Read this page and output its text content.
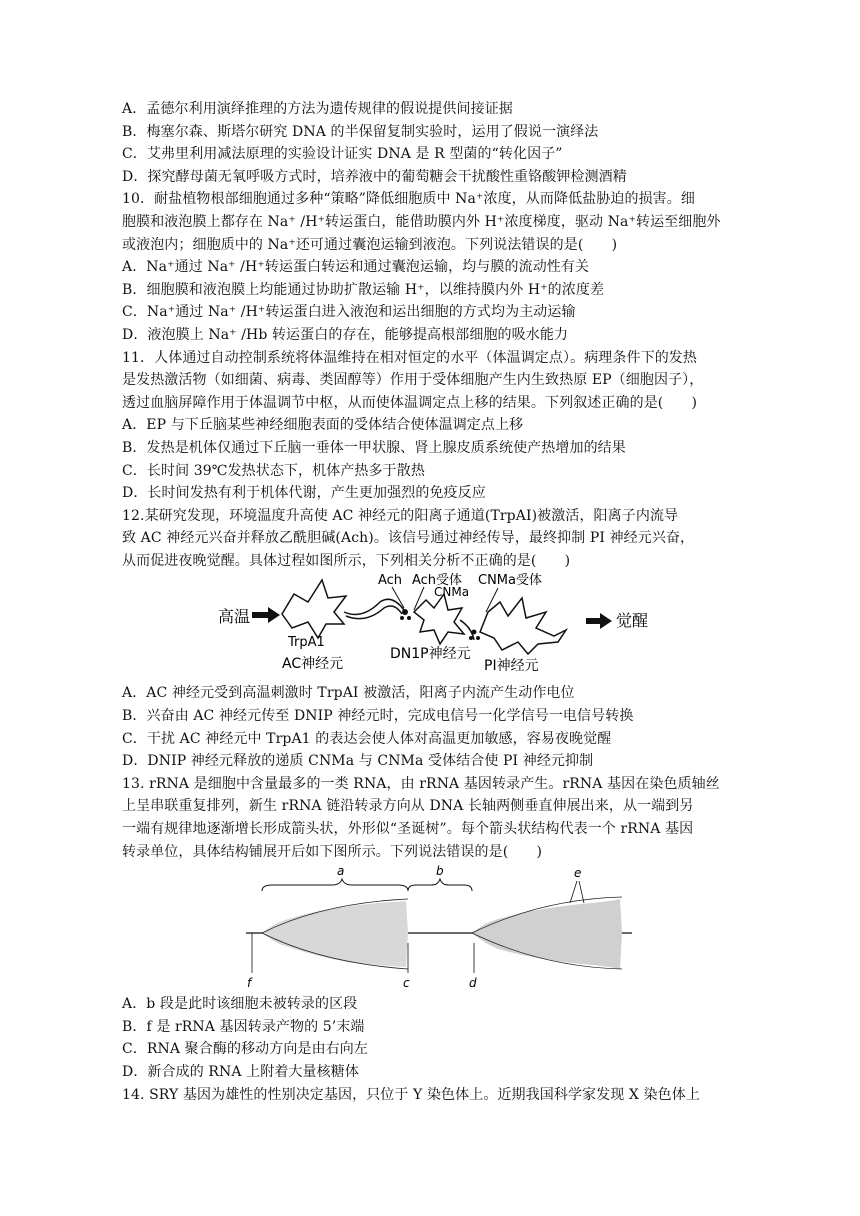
A．孟德尔利用演绎推理的方法为遗传规律的假说提供间接证据
B．梅塞尔森、斯塔尔研究 DNA 的半保留复制实验时，运用了假说一演绎法
C．艾弗里利用减法原理的实验设计证实 DNA 是 R 型菌的“转化因子”
D．探究酵母菌无氧呼吸方式时，培养液中的葡萄糖会干扰酸性重铬酸钾检测酒精
10．耐盐植物根部细胞通过多种“策略”降低细胞质中 Na⁺浓度，从而降低盐胁迫的损害。细
胞膜和液泡膜上都存在 Na⁺ /H⁺转运蛋白，能借助膜内外 H⁺浓度梯度，驱动 Na⁺转运至细胞外
或液泡内；细胞质中的 Na⁺还可通过囊泡运输到液泡。下列说法错误的是(　　)
A．Na⁺通过 Na⁺ /H⁺转运蛋白转运和通过囊泡运输，均与膜的流动性有关
B．细胞膜和液泡膜上均能通过协助扩散运输 H⁺，以维持膜内外 H⁺的浓度差
C．Na⁺通过 Na⁺ /H⁺转运蛋白进入液泡和运出细胞的方式均为主动运输
D．液泡膜上 Na⁺ /Hb 转运蛋白的存在，能够提高根部细胞的吸水能力
11．人体通过自动控制系统将体温维持在相对恒定的水平（体温调定点）。病理条件下的发热
是发热激活物（如细菌、病毒、类固醇等）作用于受体细胞产生内生致热原 EP（细胞因子），
透过血脑屏障作用于体温调节中枢，从而使体温调定点上移的结果。下列叙述正确的是(　　)
A．EP 与下丘脑某些神经细胞表面的受体结合使体温调定点上移
B．发热是机体仅通过下丘脑一垂体一甲状腺、肾上腺皮质系统使产热增加的结果
C．长时间 39℃发热状态下，机体产热多于散热
D．长时间发热有利于机体代谢，产生更加强烈的免疫反应
12.某研究发现，环境温度升高使 AC 神经元的阳离子通道(TrpAI)被激活，阳离子内流导
致 AC 神经元兴奋并释放乙酰胆碱(Ach)。该信号通过神经传导，最终抑制 PI 神经元兴奋，
从而促进夜晚觉醒。具体过程如图所示，下列相关分析不正确的是(　　)
高温
TrpA1
AC神经元
Ach Ach受体
CNMa
DN1P神经元
CNMa受体
PI神经元
觉醒
A．AC 神经元受到高温刺激时 TrpAI 被激活，阳离子内流产生动作电位
B．兴奋由 AC 神经元传至 DNIP 神经元时，完成电信号一化学信号一电信号转换
C．干扰 AC 神经元中 TrpA1 的表达会使人体对高温更加敏感，容易夜晚觉醒
D．DNIP 神经元释放的递质 CNMa 与 CNMa 受体结合使 PI 神经元抑制
13. rRNA 是细胞中含量最多的一类 RNA，由 rRNA 基因转录产生。rRNA 基因在染色质轴丝
上呈串联重复排列，新生 rRNA 链沿转录方向从 DNA 长轴两侧垂直伸展出来，从一端到另
一端有规律地逐渐增长形成箭头状，外形似“圣诞树”。每个箭头状结构代表一个 rRNA 基因
转录单位，具体结构铺展开后如下图所示。下列说法错误的是(　　)
a	b	e
f	c	d
A．b 段是此时该细胞未被转录的区段
B．f 是 rRNA 基因转录产物的 5’末端
C．RNA 聚合酶的移动方向是由右向左
D．新合成的 RNA 上附着大量核糖体
14. SRY 基因为雄性的性别决定基因，只位于 Y 染色体上。近期我国科学家发现 X 染色体上
